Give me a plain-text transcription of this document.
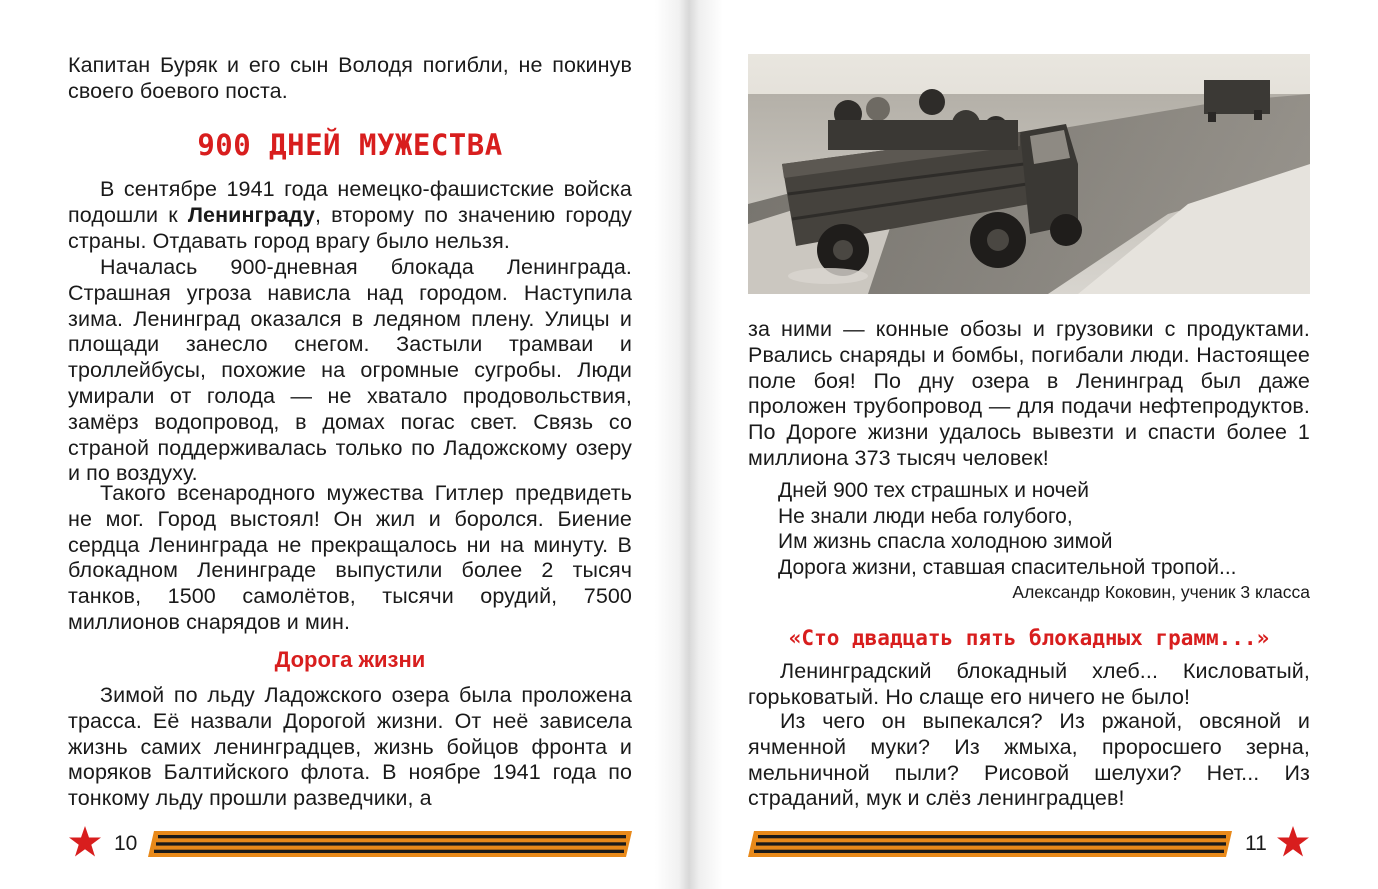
Капитан Буряк и его сын Володя погибли, не покинув своего боевого поста.

900 ДНЕЙ МУЖЕСТВА

В сентябре 1941 года немецко-фашистские войска подошли к Ленинграду, второму по значению городу страны. Отдавать город врагу было нельзя.

Началась 900-дневная блокада Ленинграда. Страшная угроза нависла над городом. Наступила зима. Ленинград оказался в ледяном плену. Улицы и площади занесло снегом. Застыли трамваи и троллейбусы, похожие на огромные сугробы. Люди умирали от голода — не хватало продовольствия, замёрз водопровод, в домах погас свет. Связь со страной поддерживалась только по Ладожскому озеру и по воздуху.

Такого всенародного мужества Гитлер предвидеть не мог. Город выстоял! Он жил и боролся. Биение сердца Ленинграда не прекращалось ни на минуту. В блокадном Ленинграде выпустили более 2 тысяч танков, 1500 самолётов, тысячи орудий, 7500 миллионов снарядов и мин.

Дорога жизни

Зимой по льду Ладожского озера была проложена трасса. Её назвали Дорогой жизни. От неё зависела жизнь самих ленинградцев, жизнь бойцов фронта и моряков Балтийского флота. В ноябре 1941 года по тонкому льду прошли разведчики, а

10

за ними — конные обозы и грузовики с продуктами. Рвались снаряды и бомбы, погибали люди. Настоящее поле боя! По дну озера в Ленинград был даже проложен трубопровод — для подачи нефтепродуктов. По Дороге жизни удалось вывезти и спасти более 1 миллиона 373 тысяч человек!

Дней 900 тех страшных и ночей
Не знали люди неба голубого,
Им жизнь спасла холодною зимой
Дорога жизни, ставшая спасительной тропой...
Александр Коковин, ученик 3 класса
«Сто двадцать пять блокадных грамм...»

Ленинградский блокадный хлеб... Кисловатый, горьковатый. Но слаще его ничего не было!

Из чего он выпекался? Из ржаной, овсяной и ячменной муки? Из жмыха, проросшего зерна, мельничной пыли? Рисовой шелухи? Нет... Из страданий, мук и слёз ленинградцев!

11
